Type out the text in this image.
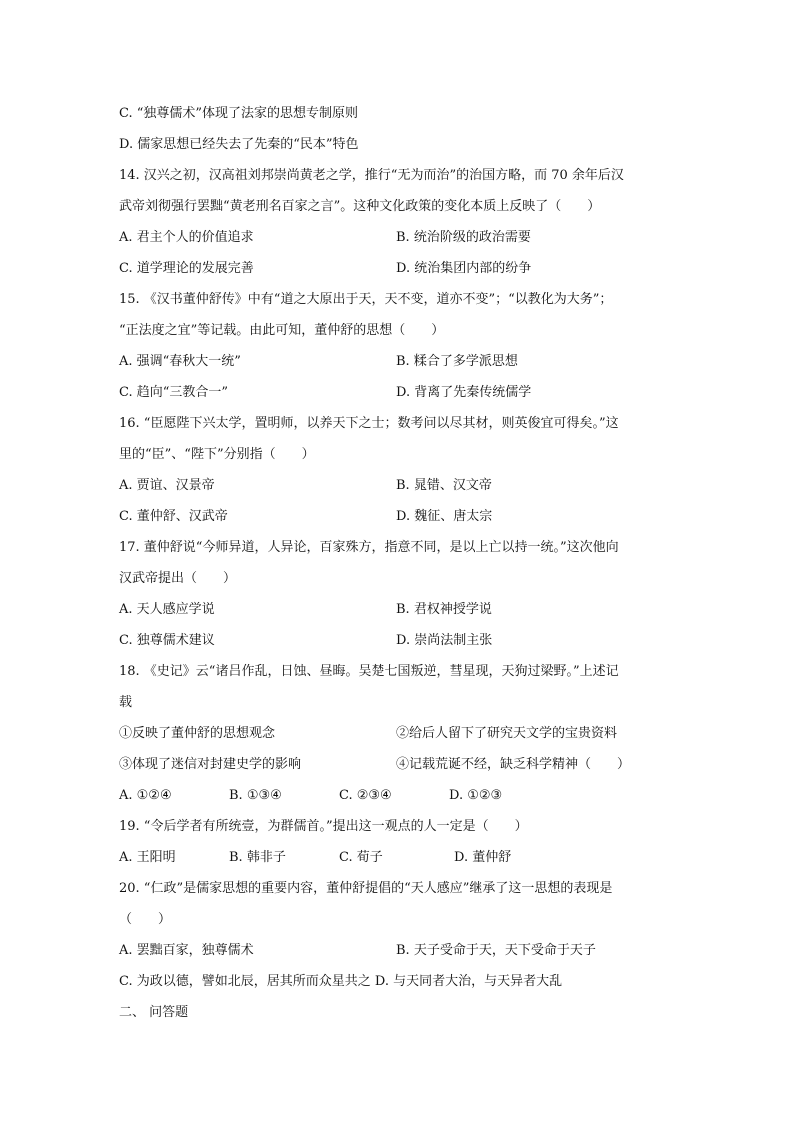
C. “独尊儒术”体现了法家的思想专制原则
D. 儒家思想已经失去了先秦的“民本”特色
14. 汉兴之初，汉高祖刘邦崇尚黄老之学，推行“无为而治”的治国方略，而 70 余年后汉
武帝刘彻强行罢黜“黄老刑名百家之言”。这种文化政策的变化本质上反映了（　　）
A. 君主个人的价值追求	B. 统治阶级的政治需要
C. 道学理论的发展完善	D. 统治集团内部的纷争
15. 《汉书董仲舒传》中有“道之大原出于天，天不变，道亦不变”；“以教化为大务”；
“正法度之宜”等记载。由此可知，董仲舒的思想（　　）
A. 强调“春秋大一统”	B. 糅合了多学派思想
C. 趋向“三教合一”	D. 背离了先秦传统儒学
16. “臣愿陛下兴太学，置明师，以养天下之士；数考问以尽其材，则英俊宜可得矣。”这
里的“臣”、“陛下”分别指（　　）
A. 贾谊、汉景帝	B. 晁错、汉文帝
C. 董仲舒、汉武帝	D. 魏征、唐太宗
17. 董仲舒说“今师异道，人异论，百家殊方，指意不同，是以上亡以持一统。”这次他向
汉武帝提出（　　）
A. 天人感应学说	B. 君权神授学说
C. 独尊儒术建议	D. 崇尚法制主张
18. 《史记》云“诸吕作乱，日蚀、昼晦。吴楚七国叛逆，彗星现，天狗过梁野。”上述记
载
①反映了董仲舒的思想观念	②给后人留下了研究天文学的宝贵资料
③体现了迷信对封建史学的影响	④记载荒诞不经，缺乏科学精神（　　）
A. ①②④	B. ①③④	C. ②③④	D. ①②③
19. “令后学者有所统壹，为群儒首。”提出这一观点的人一定是（　　）
A. 王阳明	B. 韩非子	C. 荀子	D. 董仲舒
20. “仁政”是儒家思想的重要内容，董仲舒提倡的“天人感应”继承了这一思想的表现是
（　　）
A. 罢黜百家，独尊儒术	B. 天子受命于天，天下受命于天子
C. 为政以德，譬如北辰，居其所而众星共之 D. 与天同者大治，与天异者大乱
二、 问答题
